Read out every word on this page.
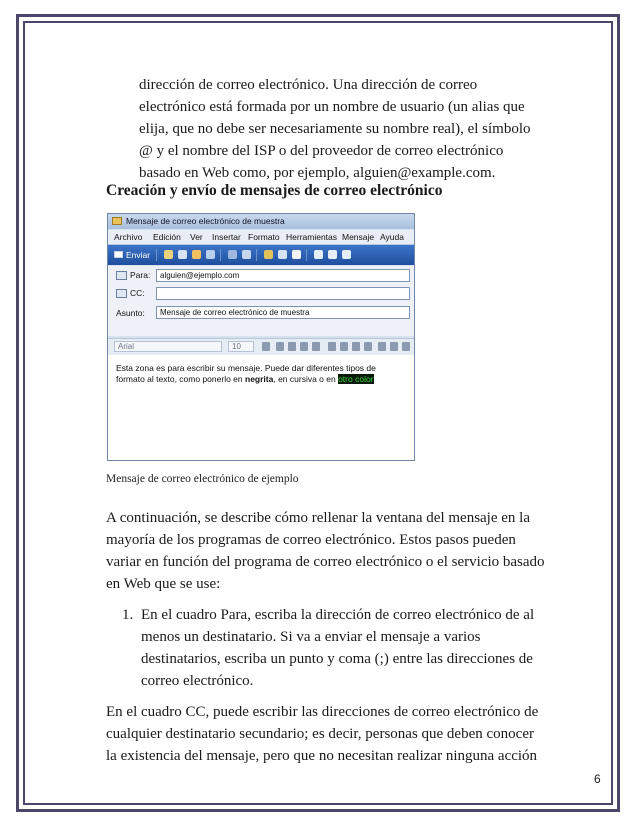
dirección de correo electrónico. Una dirección de correo
electrónico está formada por un nombre de usuario (un alias que
elija, que no debe ser necesariamente su nombre real), el símbolo
@ y el nombre del ISP o del proveedor de correo electrónico
basado en Web como, por ejemplo, alguien@example.com.
Creación y envío de mensajes de correo electrónico
Mensaje de correo electrónico de muestra
Archivo Edición Ver Insertar Formato Herramientas Mensaje Ayuda
Enviar
Para:	alguien@ejemplo.com
CC:
Asunto:	Mensaje de correo electrónico de muestra
Arial	10
Esta zona es para escribir su mensaje. Puede dar diferentes tipos de formato al texto, como ponerlo en negrita, en cursiva o en otro color
Mensaje de correo electrónico de ejemplo
A continuación, se describe cómo rellenar la ventana del mensaje en la
mayoría de los programas de correo electrónico. Estos pasos pueden
variar en función del programa de correo electrónico o el servicio basado
en Web que se use:
1. En el cuadro Para, escriba la dirección de correo electrónico de al
menos un destinatario. Si va a enviar el mensaje a varios
destinatarios, escriba un punto y coma (;) entre las direcciones de
correo electrónico.
En el cuadro CC, puede escribir las direcciones de correo electrónico de
cualquier destinatario secundario; es decir, personas que deben conocer
la existencia del mensaje, pero que no necesitan realizar ninguna acción
6
